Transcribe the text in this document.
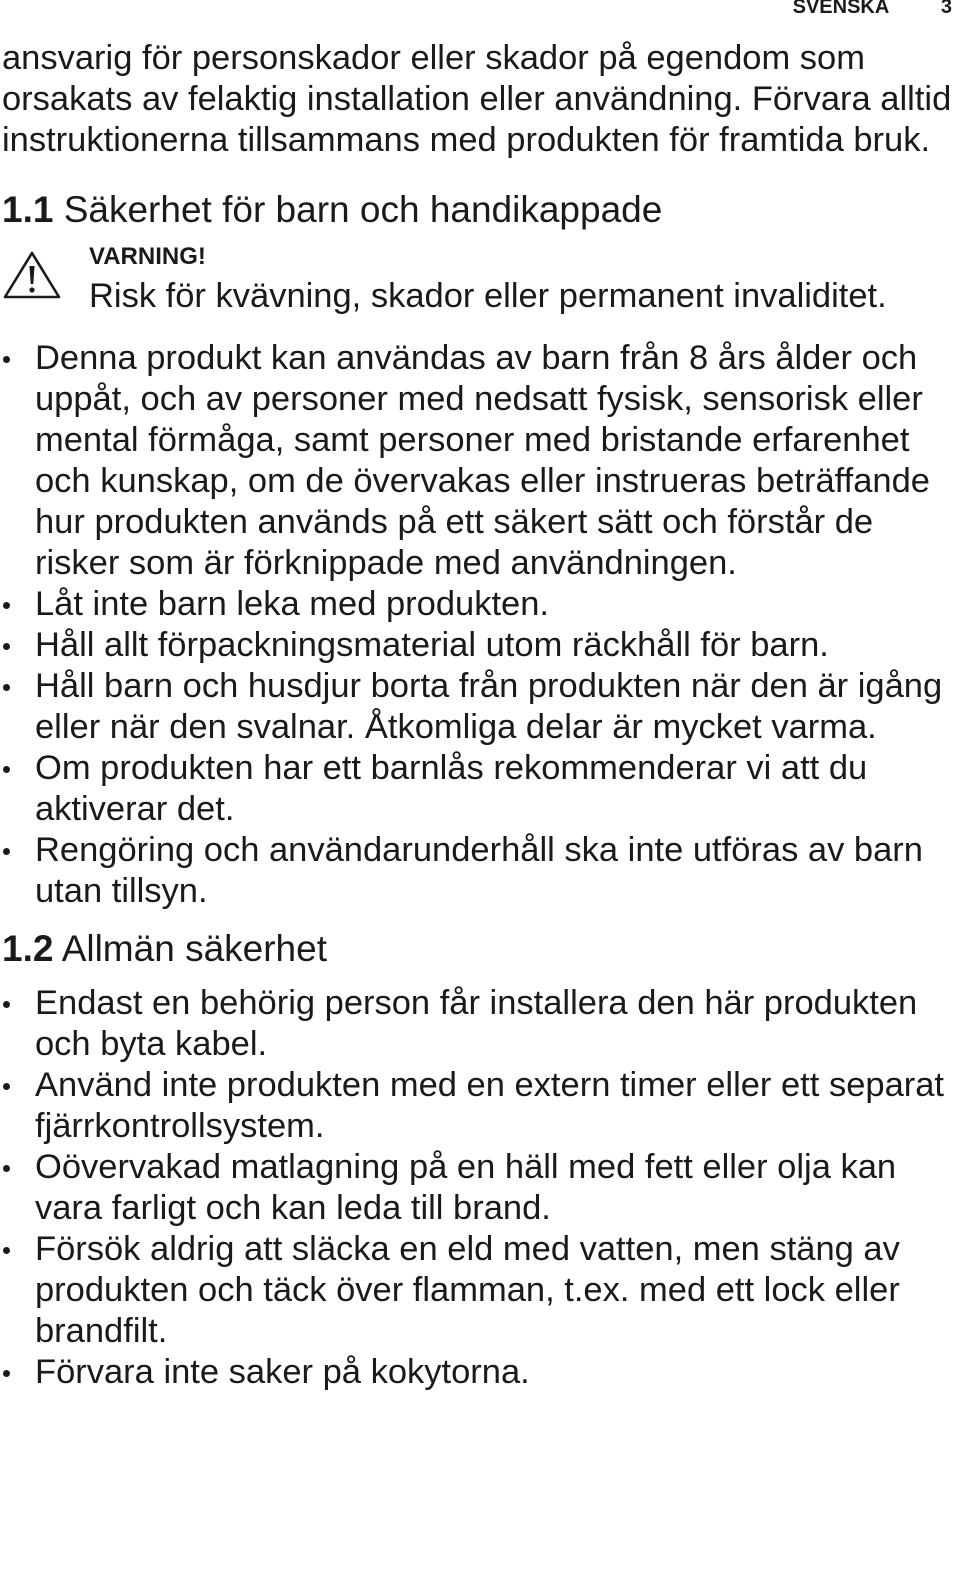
SVENSKA	3

ansvarig för personskador eller skador på egendom som orsakats av felaktig installation eller användning. Förvara alltid instruktionerna tillsammans med produkten för framtida bruk.

1.1 Säkerhet för barn och handikappade
VARNING!
Risk för kvävning, skador eller permanent invaliditet.
Denna produkt kan användas av barn från 8 års ålder och uppåt, och av personer med nedsatt fysisk, sensorisk eller mental förmåga, samt personer med bristande erfarenhet och kunskap, om de övervakas eller instrueras beträffande hur produkten används på ett säkert sätt och förstår de risker som är förknippade med användningen.
Låt inte barn leka med produkten.
Håll allt förpackningsmaterial utom räckhåll för barn.
Håll barn och husdjur borta från produkten när den är igång eller när den svalnar. Åtkomliga delar är mycket varma.
Om produkten har ett barnlås rekommenderar vi att du aktiverar det.
Rengöring och användarunderhåll ska inte utföras av barn utan tillsyn.
1.2 Allmän säkerhet
Endast en behörig person får installera den här produkten och byta kabel.
Använd inte produkten med en extern timer eller ett separat fjärrkontrollsystem.
Oövervakad matlagning på en häll med fett eller olja kan vara farligt och kan leda till brand.
Försök aldrig att släcka en eld med vatten, men stäng av produkten och täck över flamman, t.ex. med ett lock eller brandfilt.
Förvara inte saker på kokytorna.
